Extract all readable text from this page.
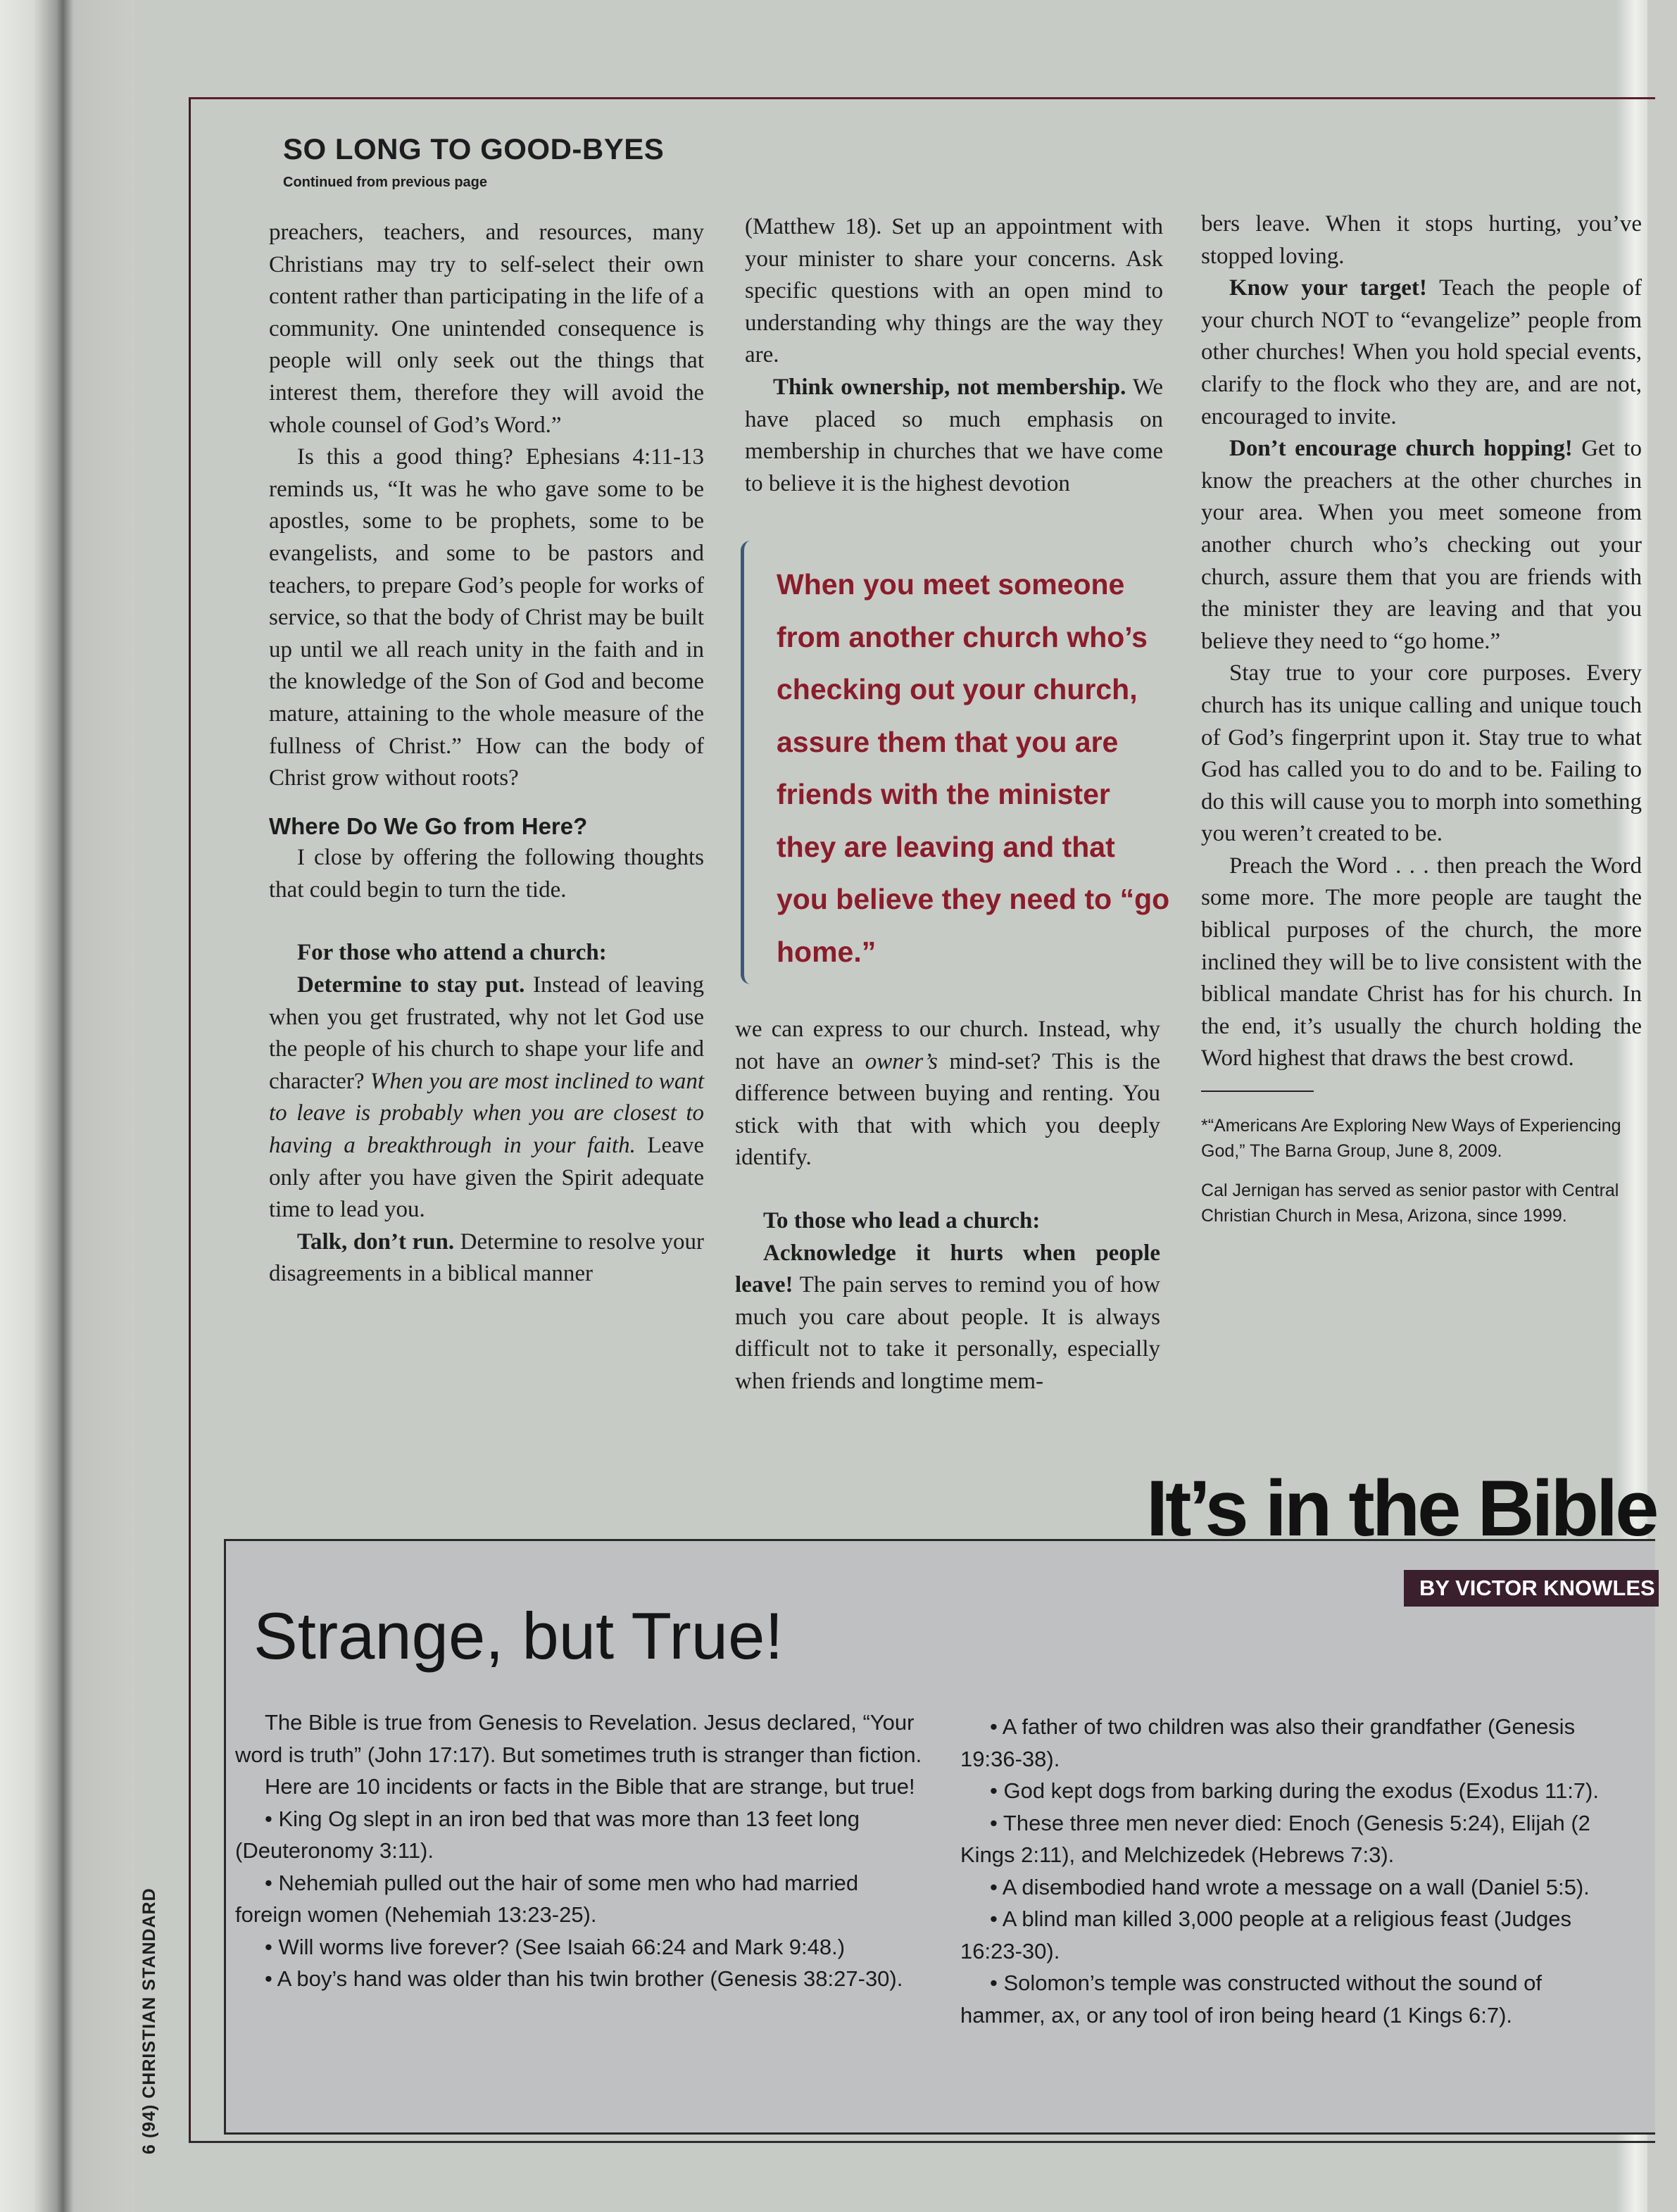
6 (94) CHRISTIAN STANDARD
SO LONG TO GOOD-BYES
Continued from previous page

preachers, teachers, and resources, many Christians may try to self-select their own content rather than participating in the life of a community. One unintended consequence is people will only seek out the things that interest them, therefore they will avoid the whole counsel of God’s Word.”

Is this a good thing? Ephesians 4:11-13 reminds us, “It was he who gave some to be apostles, some to be prophets, some to be evangelists, and some to be pastors and teachers, to prepare God’s people for works of service, so that the body of Christ may be built up until we all reach unity in the faith and in the knowledge of the Son of God and become mature, attaining to the whole measure of the fullness of Christ.” How can the body of Christ grow without roots?

Where Do We Go from Here?

I close by offering the following thoughts that could begin to turn the tide.

For those who attend a church:

Determine to stay put. Instead of leaving when you get frustrated, why not let God use the people of his church to shape your life and character? When you are most inclined to want to leave is probably when you are closest to having a breakthrough in your faith. Leave only after you have given the Spirit adequate time to lead you.

Talk, don’t run. Determine to resolve your disagreements in a biblical manner

(Matthew 18). Set up an appointment with your minister to share your concerns. Ask specific questions with an open mind to understanding why things are the way they are.

Think ownership, not membership. We have placed so much emphasis on membership in churches that we have come to believe it is the highest devotion

When you meet someone from another church who’s checking out your church, assure them that you are friends with the minister they are leaving and that you believe they need to “go home.”

we can express to our church. Instead, why not have an owner’s mind-set? This is the difference between buying and renting. You stick with that with which you deeply identify.

To those who lead a church:

Acknowledge it hurts when people leave! The pain serves to remind you of how much you care about people. It is always difficult not to take it personally, especially when friends and longtime mem-

bers leave. When it stops hurting, you’ve stopped loving.

Know your target! Teach the people of your church NOT to “evangelize” people from other churches! When you hold special events, clarify to the flock who they are, and are not, encouraged to invite.

Don’t encourage church hopping! Get to know the preachers at the other churches in your area. When you meet someone from another church who’s checking out your church, assure them that you are friends with the minister they are leaving and that you believe they need to “go home.”

Stay true to your core purposes. Every church has its unique calling and unique touch of God’s fingerprint upon it. Stay true to what God has called you to do and to be. Failing to do this will cause you to morph into something you weren’t created to be.

Preach the Word . . . then preach the Word some more. The more people are taught the biblical purposes of the church, the more inclined they will be to live consistent with the biblical mandate Christ has for his church. In the end, it’s usually the church holding the Word highest that draws the best crowd.

*“Americans Are Exploring New Ways of Experiencing God,” The Barna Group, June 8, 2009.

Cal Jernigan has served as senior pastor with Central Christian Church in Mesa, Arizona, since 1999.

It’s in the Bible
BY VICTOR KNOWLES
Strange, but True!

The Bible is true from Genesis to Revelation. Jesus declared, “Your word is truth” (John 17:17). But sometimes truth is stranger than fiction.

Here are 10 incidents or facts in the Bible that are strange, but true!

• King Og slept in an iron bed that was more than 13 feet long (Deuteronomy 3:11).

• Nehemiah pulled out the hair of some men who had married foreign women (Nehemiah 13:23-25).

• Will worms live forever? (See Isaiah 66:24 and Mark 9:48.)

• A boy’s hand was older than his twin brother (Genesis 38:27-30).

• A father of two children was also their grandfather (Genesis 19:36-38).

• God kept dogs from barking during the exodus (Exodus 11:7).

• These three men never died: Enoch (Genesis 5:24), Elijah (2 Kings 2:11), and Melchizedek (Hebrews 7:3).

• A disembodied hand wrote a message on a wall (Daniel 5:5).

• A blind man killed 3,000 people at a religious feast (Judges 16:23-30).

• Solomon’s temple was constructed without the sound of hammer, ax, or any tool of iron being heard (1 Kings 6:7).
